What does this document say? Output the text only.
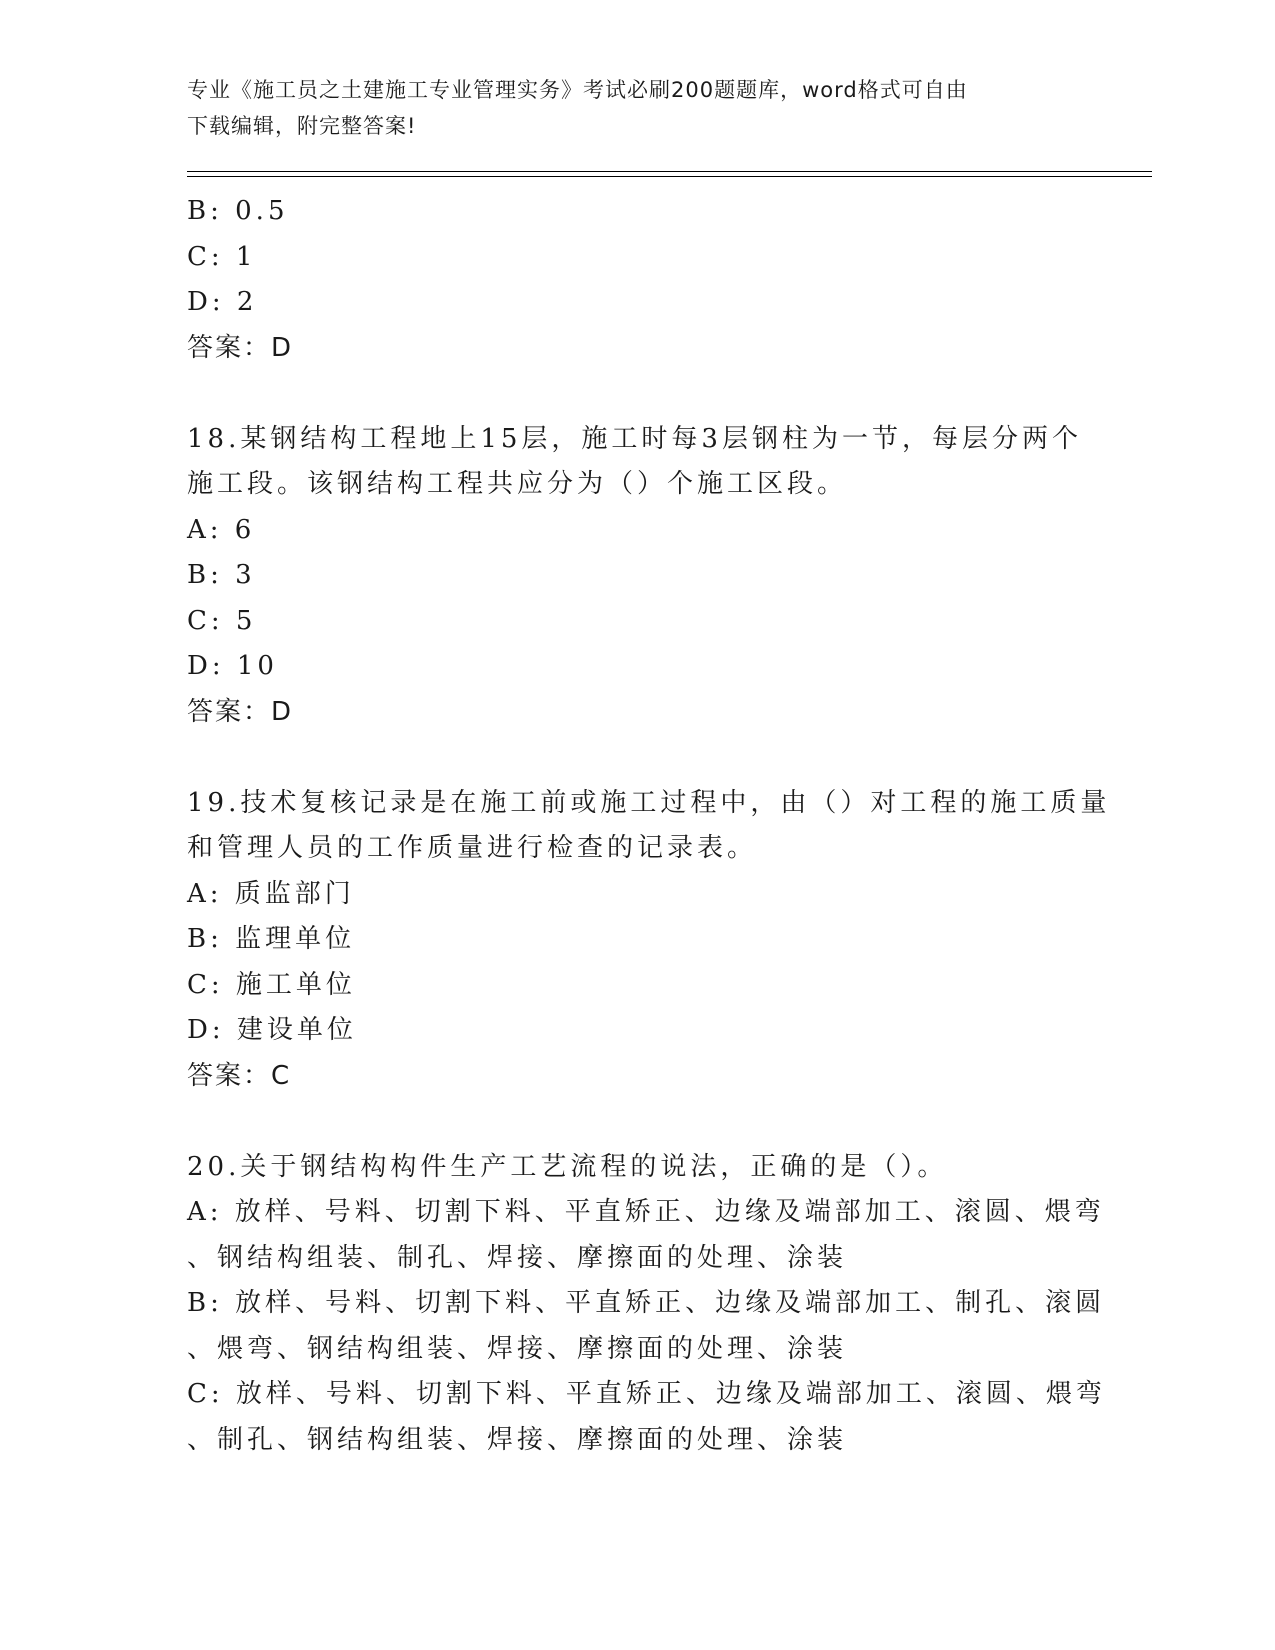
专业《施工员之土建施工专业管理实务》考试必刷200题题库，word格式可自由
下载编辑，附完整答案!
B: 0.5
C: 1
D: 2
答案：D
18.某钢结构工程地上15层，施工时每3层钢柱为一节，每层分两个
施工段。该钢结构工程共应分为（）个施工区段。
A: 6
B: 3
C: 5
D: 10
答案：D
19.技术复核记录是在施工前或施工过程中，由（）对工程的施工质量
和管理人员的工作质量进行检查的记录表。
A: 质监部门
B: 监理单位
C: 施工单位
D: 建设单位
答案：C
20.关于钢结构构件生产工艺流程的说法，正确的是（）。
A: 放样、号料、切割下料、平直矫正、边缘及端部加工、滚圆、煨弯
、钢结构组装、制孔、焊接、摩擦面的处理、涂装
B: 放样、号料、切割下料、平直矫正、边缘及端部加工、制孔、滚圆
、煨弯、钢结构组装、焊接、摩擦面的处理、涂装
C: 放样、号料、切割下料、平直矫正、边缘及端部加工、滚圆、煨弯
、制孔、钢结构组装、焊接、摩擦面的处理、涂装
